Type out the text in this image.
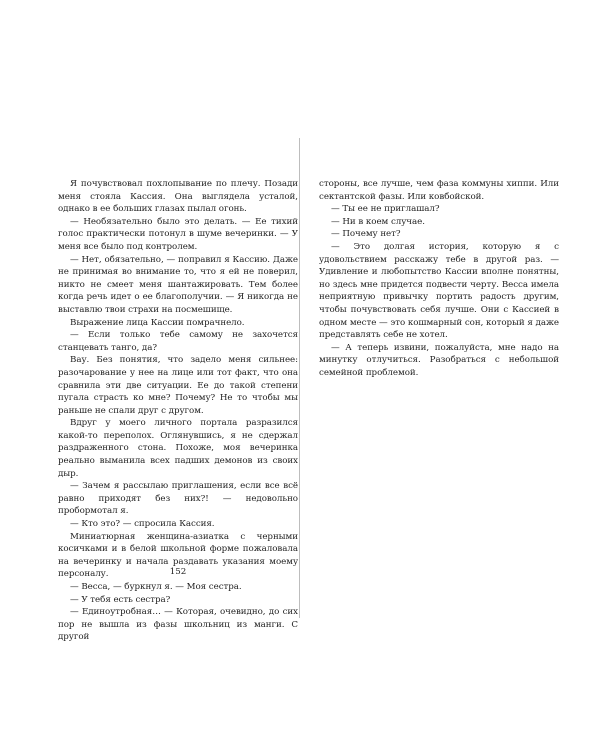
Я почувствовал похлопывание по плечу. Позади меня стояла Кассия. Она выглядела усталой, однако в ее больших глазах пылал огонь.

— Необязательно было это делать. — Ее тихий голос практически потонул в шуме вечеринки. — У меня все было под контролем.

— Нет, обязательно, — поправил я Кассию. Даже не принимая во внимание то, что я ей не поверил, никто не смеет меня шантажировать. Тем более когда речь идет о ее благополучии. — Я никогда не выставлю твои страхи на посмешище.

Выражение лица Кассии помрачнело.

— Если только тебе самому не захочется станцевать танго, да?

Вау. Без понятия, что задело меня сильнее: разочарование у нее на лице или тот факт, что она сравнила эти две ситуации. Ее до такой степени пугала страсть ко мне? Почему? Не то чтобы мы раньше не спали друг с другом.

Вдруг у моего личного портала разразился какой-то переполох. Оглянувшись, я не сдержал раздраженного стона. Похоже, моя вечеринка реально выманила всех падших демонов из своих дыр.

— Зачем я рассылаю приглашения, если все всё равно приходят без них?! — недовольно пробормотал я.

— Кто это? — спросила Кассия.

Миниатюрная женщина-азиатка с черными косичками и в белой школьной форме пожаловала на вечеринку и начала раздавать указания моему персоналу.

— Весса, — буркнул я. — Моя сестра.

— У тебя есть сестра?

— Единоутробная… — Которая, очевидно, до сих пор не вышла из фазы школьниц из манги. С другой

152

стороны, все лучше, чем фаза коммуны хиппи. Или сектантской фазы. Или ковбойской.

— Ты ее не приглашал?

— Ни в коем случае.

— Почему нет?

— Это долгая история, которую я с удовольствием расскажу тебе в другой раз. — Удивление и любопытство Кассии вполне понятны, но здесь мне придется подвести черту. Весса имела неприятную привычку портить радость другим, чтобы почувствовать себя лучше. Они с Кассией в одном месте — это кошмарный сон, который я даже представлять себе не хотел.

— А теперь извини, пожалуйста, мне надо на минутку отлучиться. Разобраться с небольшой семейной проблемой.
